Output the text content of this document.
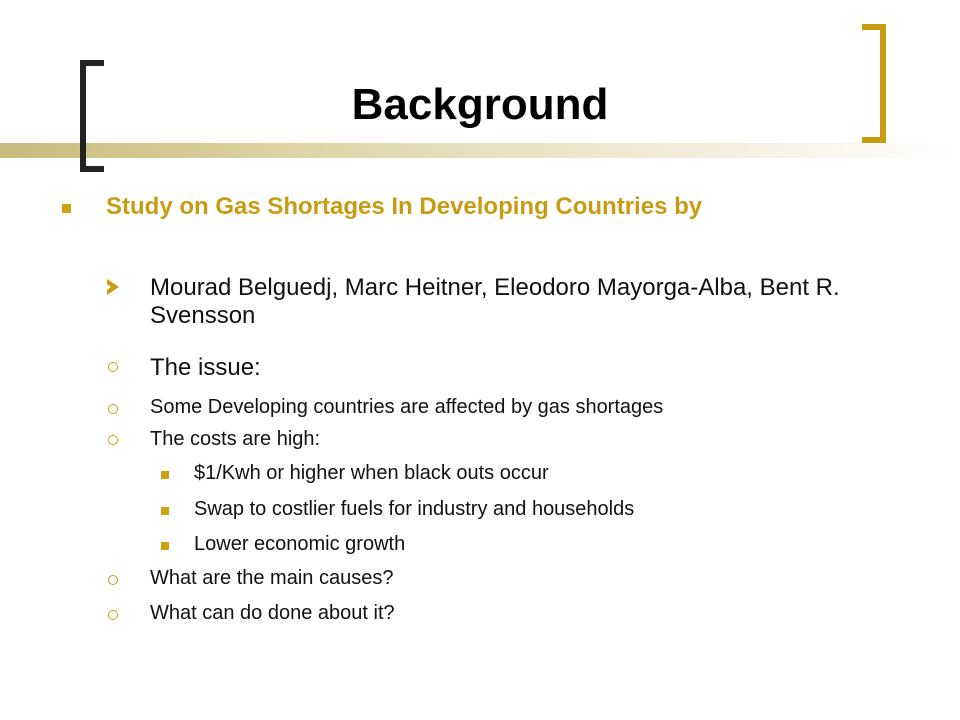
Background
Study on Gas Shortages In Developing Countries by
Mourad Belguedj, Marc Heitner, Eleodoro Mayorga-Alba, Bent R. Svensson
The issue:
Some Developing countries are affected by gas shortages
The costs are high:
$1/Kwh or higher when black outs occur
Swap to costlier fuels for industry and households
Lower economic growth
What are the main causes?
What can do done about it?
